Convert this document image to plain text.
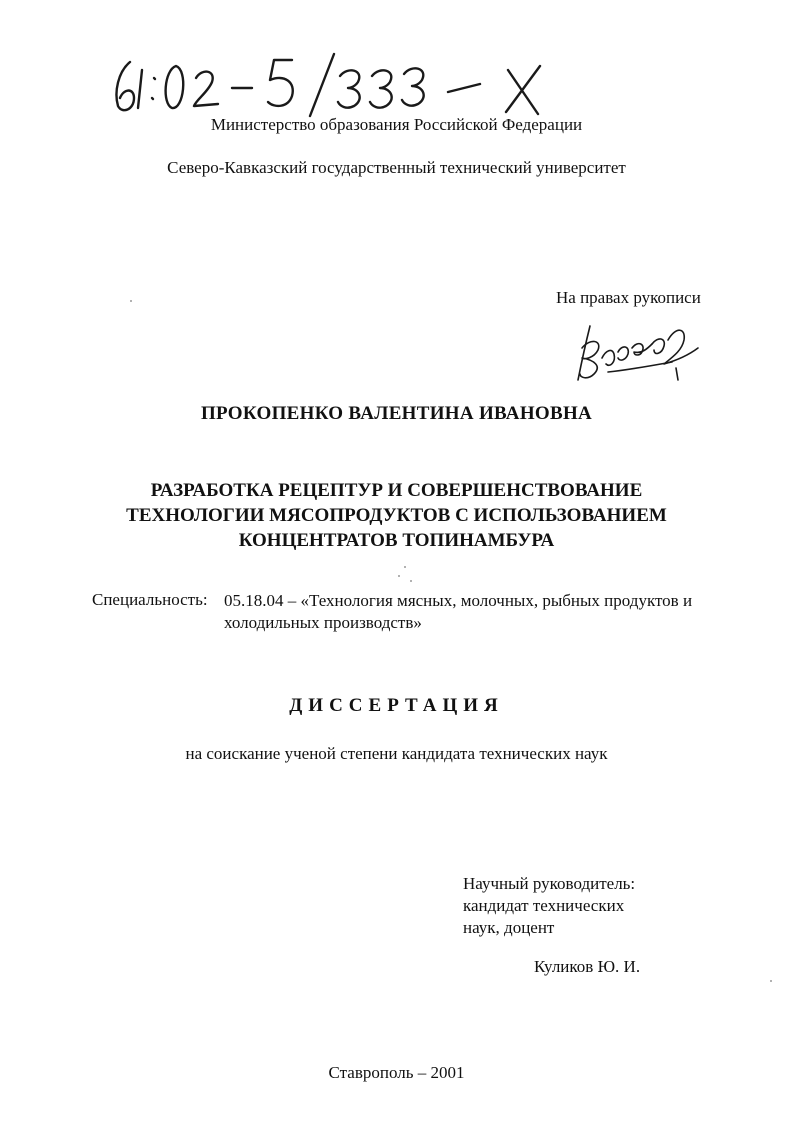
Министерство образования Российской Федерации
Северо-Кавказский государственный технический университет
На правах рукописи
ПРОКОПЕНКО ВАЛЕНТИНА ИВАНОВНА
РАЗРАБОТКА РЕЦЕПТУР И СОВЕРШЕНСТВОВАНИЕ
ТЕХНОЛОГИИ МЯСОПРОДУКТОВ С ИСПОЛЬЗОВАНИЕМ
КОНЦЕНТРАТОВ ТОПИНАМБУРА
Специальность: 05.18.04 – «Технология мясных, молочных, рыбных продуктов и
холодильных производств»
ДИССЕРТАЦИЯ
на соискание ученой степени кандидата технических наук
Научный руководитель:
кандидат технических
наук, доцент
Куликов Ю. И.
Ставрополь – 2001
